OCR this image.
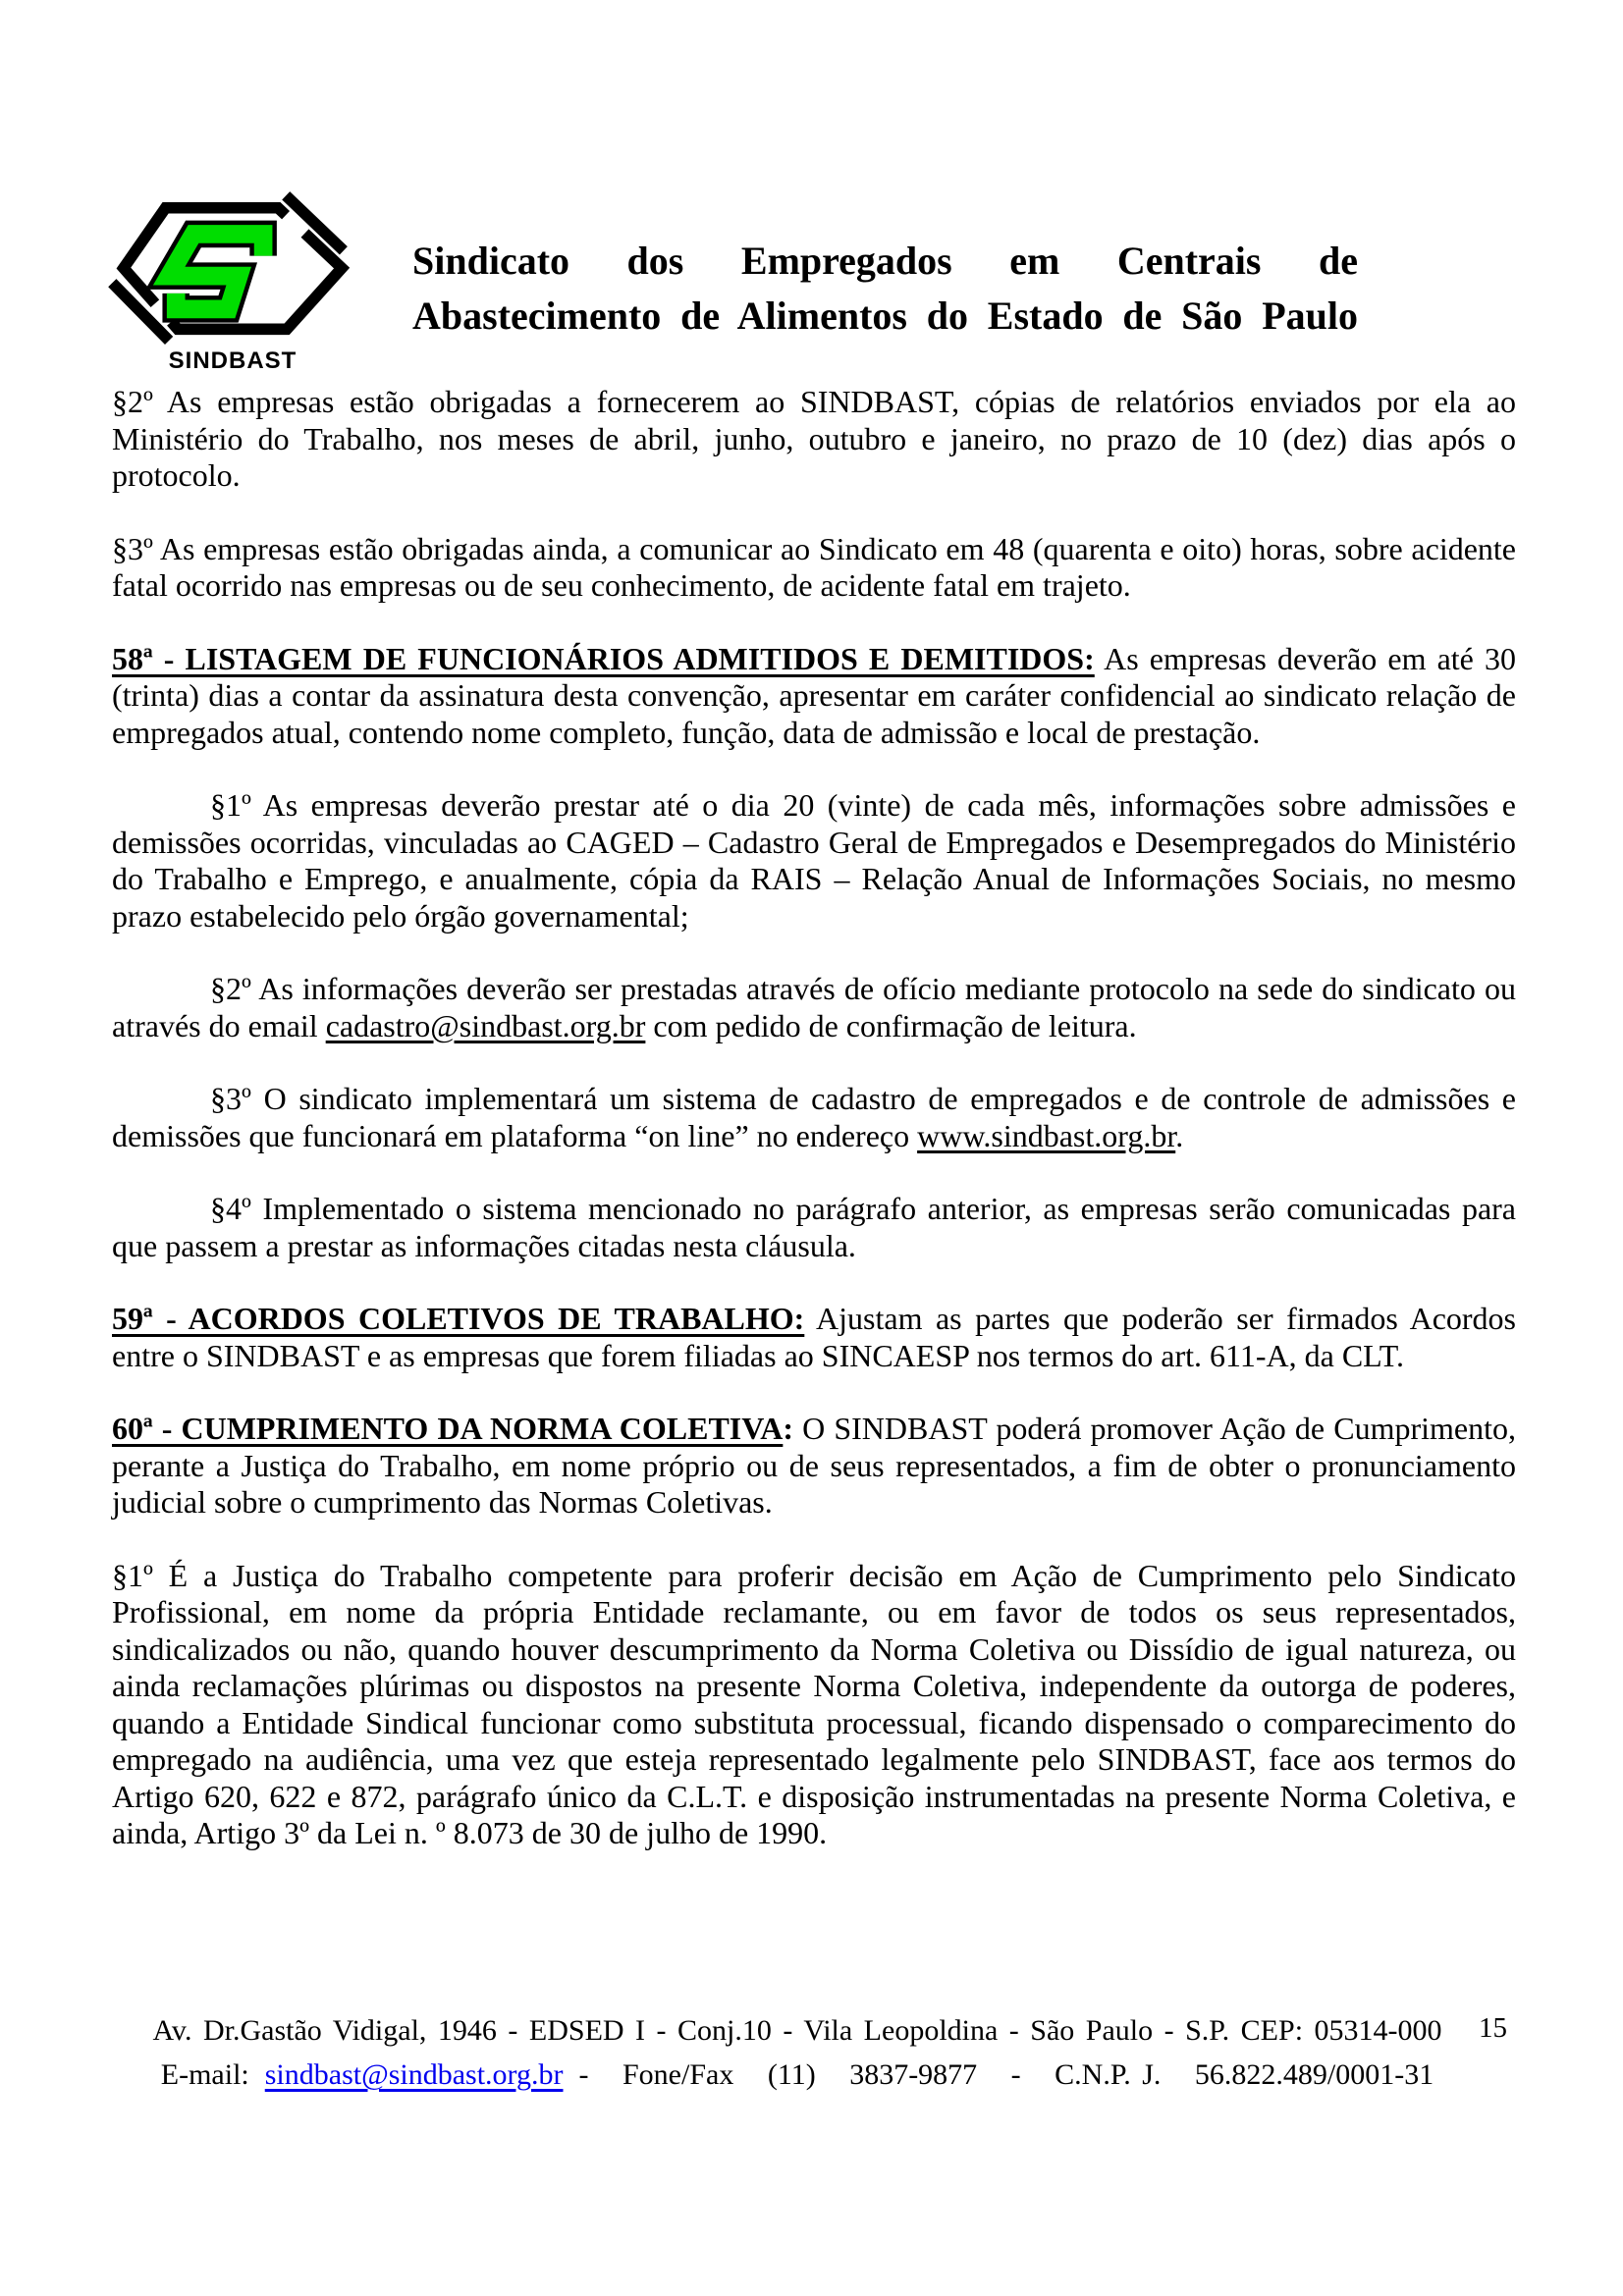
SINDBAST
Sindicato dos Empregados em Centrais de
Abastecimento de Alimentos do Estado de São Paulo

§2º As empresas estão obrigadas a fornecerem ao SINDBAST, cópias de relatórios enviados por ela ao Ministério do Trabalho, nos meses de abril, junho, outubro e janeiro, no prazo de 10 (dez) dias após o protocolo.

§3º As empresas estão obrigadas ainda, a comunicar ao Sindicato em 48 (quarenta e oito) horas, sobre acidente fatal ocorrido nas empresas ou de seu conhecimento, de acidente fatal em trajeto.

58ª - LISTAGEM DE FUNCIONÁRIOS ADMITIDOS E DEMITIDOS: As empresas deverão em até 30 (trinta) dias a contar da assinatura desta convenção, apresentar em caráter confidencial ao sindicato relação de empregados atual, contendo nome completo, função, data de admissão e local de prestação.

§1º As empresas deverão prestar até o dia 20 (vinte) de cada mês, informações sobre admissões e demissões ocorridas, vinculadas ao CAGED – Cadastro Geral de Empregados e Desempregados do Ministério do Trabalho e Emprego, e anualmente, cópia da RAIS – Relação Anual de Informações Sociais, no mesmo prazo estabelecido pelo órgão governamental;

§2º As informações deverão ser prestadas através de ofício mediante protocolo na sede do sindicato ou através do email cadastro@sindbast.org.br com pedido de confirmação de leitura.

§3º O sindicato implementará um sistema de cadastro de empregados e de controle de admissões e demissões que funcionará em plataforma “on line” no endereço www.sindbast.org.br.

§4º Implementado o sistema mencionado no parágrafo anterior, as empresas serão comunicadas para que passem a prestar as informações citadas nesta cláusula.

59ª - ACORDOS COLETIVOS DE TRABALHO: Ajustam as partes que poderão ser firmados Acordos entre o SINDBAST e as empresas que forem filiadas ao SINCAESP nos termos do art. 611-A, da CLT.

60ª - CUMPRIMENTO DA NORMA COLETIVA: O SINDBAST poderá promover Ação de Cumprimento, perante a Justiça do Trabalho, em nome próprio ou de seus representados, a fim de obter o pronunciamento judicial sobre o cumprimento das Normas Coletivas.

§1º É a Justiça do Trabalho competente para proferir decisão em Ação de Cumprimento pelo Sindicato Profissional, em nome da própria Entidade reclamante, ou em favor de todos os seus representados, sindicalizados ou não, quando houver descumprimento da Norma Coletiva ou Dissídio de igual natureza, ou ainda reclamações plúrimas ou dispostos na presente Norma Coletiva, independente da outorga de poderes, quando a Entidade Sindical funcionar como substituta processual, ficando dispensado o comparecimento do empregado na audiência, uma vez que esteja representado legalmente pelo SINDBAST, face aos termos do Artigo 620, 622 e 872, parágrafo único da C.L.T. e disposição instrumentadas na presente Norma Coletiva, e ainda, Artigo 3º da Lei n. º 8.073 de 30 de julho de 1990.

Av. Dr.Gastão Vidigal, 1946 - EDSED I - Conj.10 - Vila Leopoldina - São Paulo - S.P. CEP: 05314-000
E-mail: sindbast@sindbast.org.br -   Fone/Fax   (11)   3837-9877   -   C.N.P. J.   56.822.489/0001-31
15
